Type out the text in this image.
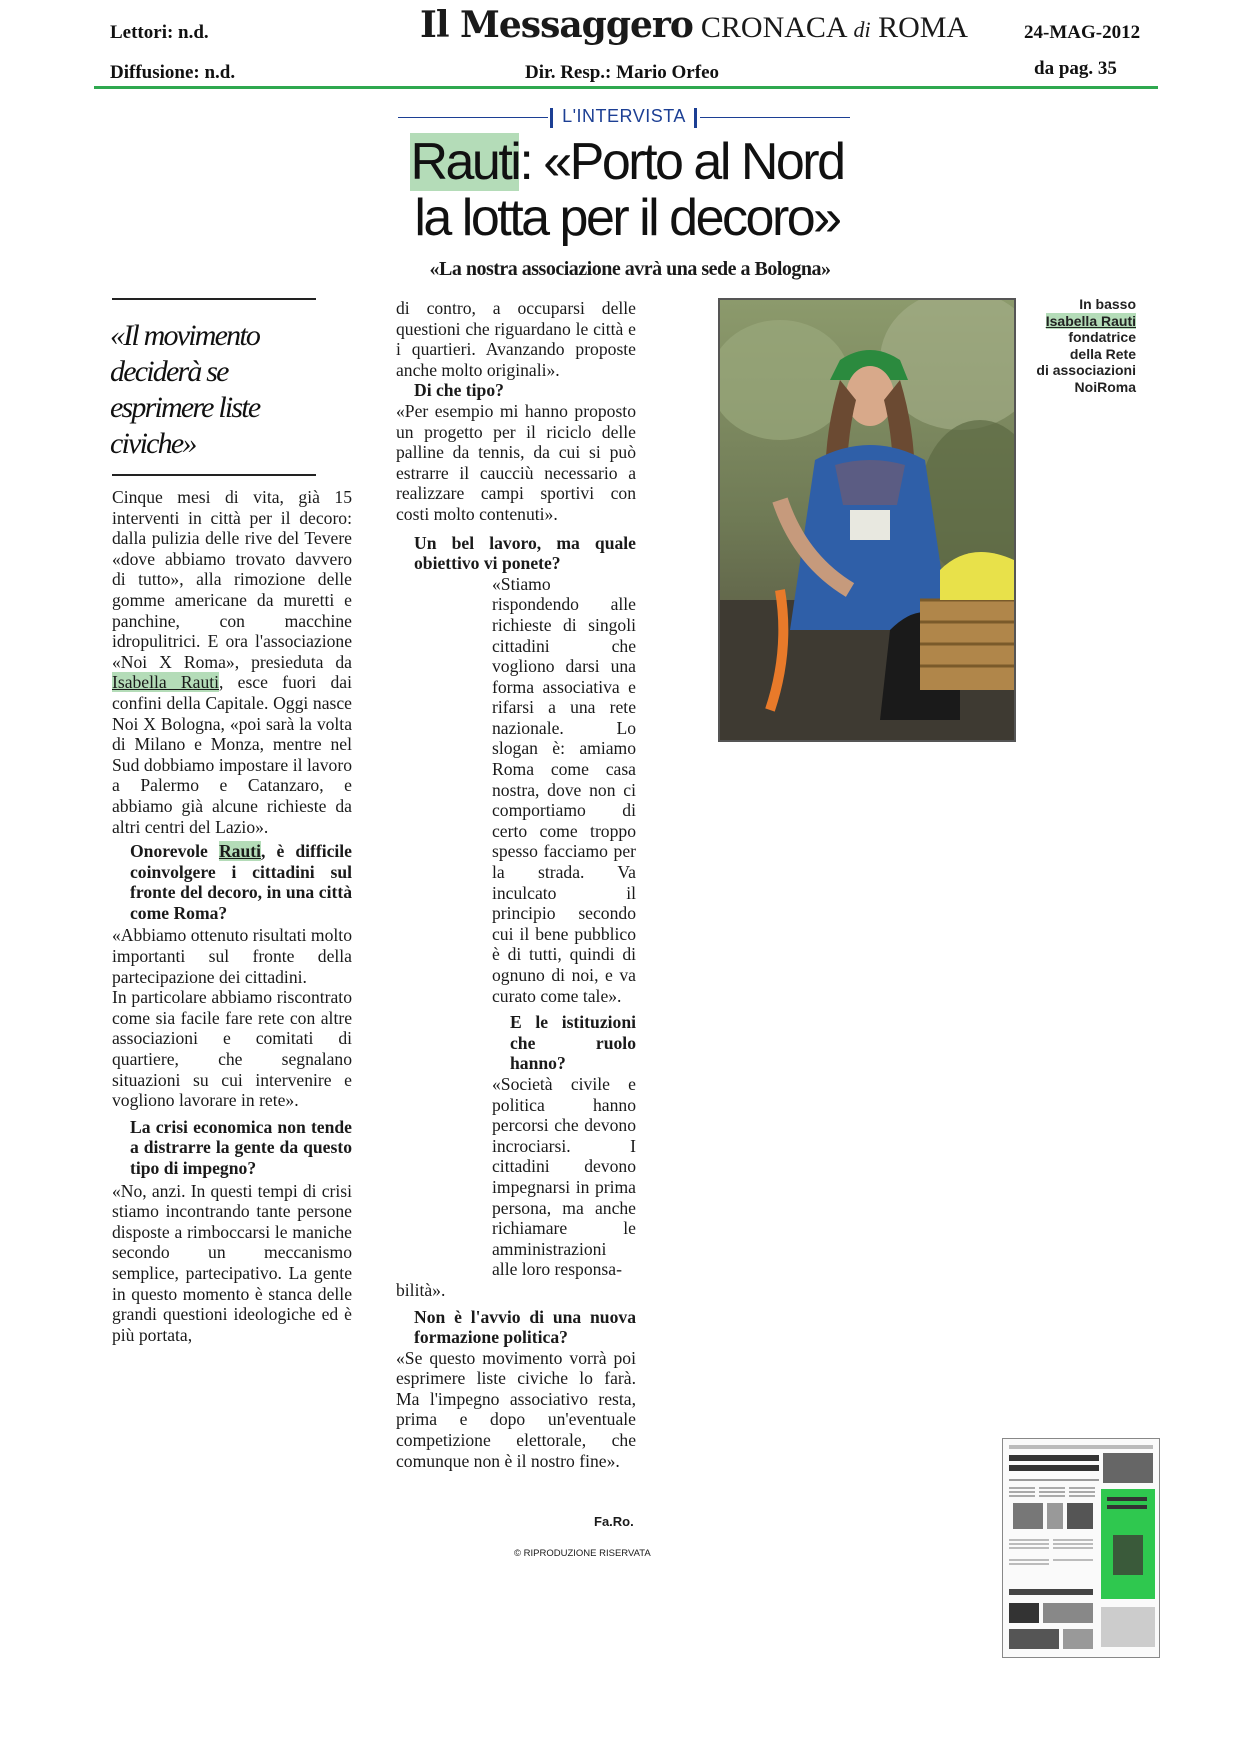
Lettori: n.d.
Diffusione: n.d.
Il Messaggero CRONACA di ROMA
Dir. Resp.: Mario Orfeo
24-MAG-2012
da pag. 35
L'INTERVISTA
Rauti: «Porto al Nord
la lotta per il decoro»
«La nostra associazione avrà una sede a Bologna»
«Il movimento deciderà se esprimere liste civiche»

Cinque mesi di vita, già 15 interventi in città per il decoro: dalla pulizia delle rive del Tevere «dove abbiamo trovato davvero di tutto», alla rimozione delle gomme americane da muretti e panchine, con macchine idropulitrici. E ora l'associazione «Noi X Roma», presieduta da Isabella Rauti, esce fuori dai confini della Capitale. Oggi nasce Noi X Bologna, «poi sarà la volta di Milano e Monza, mentre nel Sud dobbiamo impostare il lavoro a Palermo e Catanzaro, e abbiamo già alcune richieste da altri centri del Lazio».

Onorevole Rauti, è difficile coinvolgere i cittadini sul fronte del decoro, in una città come Roma?

«Abbiamo ottenuto risultati molto importanti sul fronte della partecipazione dei cittadini.

In particolare abbiamo riscontrato come sia facile fare rete con altre associazioni e comitati di quartiere, che segnalano situazioni su cui intervenire e vogliono lavorare in rete».

La crisi economica non tende a distrarre la gente da questo tipo di impegno?

«No, anzi. In questi tempi di crisi stiamo incontrando tante persone disposte a rimboccarsi le maniche secondo un meccanismo semplice, partecipativo. La gente in questo momento è stanca delle grandi questioni ideologiche ed è più portata,

di contro, a occuparsi delle questioni che riguardano le città e i quartieri. Avanzando proposte anche molto originali».

Di che tipo?

«Per esempio mi hanno proposto un progetto per il riciclo delle palline da tennis, da cui si può estrarre il caucciù necessario a realizzare campi sportivi con costi molto contenuti».

Un bel lavoro, ma quale obiettivo vi ponete?

«Stiamo rispondendo alle richieste di singoli cittadini che vogliono darsi una forma associativa e rifarsi a una rete nazionale. Lo slogan è: amiamo Roma come casa nostra, dove non ci comportiamo di certo come troppo spesso facciamo per la strada. Va inculcato il principio secondo cui il bene pubblico è di tutti, quindi di ognuno di noi, e va curato come tale».

E le istituzioni che ruolo hanno?

«Società civile e politica hanno percorsi che devono incrociarsi. I cittadini devono impegnarsi in prima persona, ma anche richiamare le amministrazioni alle loro responsa-

bilità».

Non è l'avvio di una nuova formazione politica?

«Se questo movimento vorrà poi esprimere liste civiche lo farà. Ma l'impegno associativo resta, prima e dopo un'eventuale competizione elettorale, che comunque non è il nostro fine».

Fa.Ro.
© RIPRODUZIONE RISERVATA
In basso
Isabella Rauti
fondatrice
della Rete
di associazioni
NoiRoma
